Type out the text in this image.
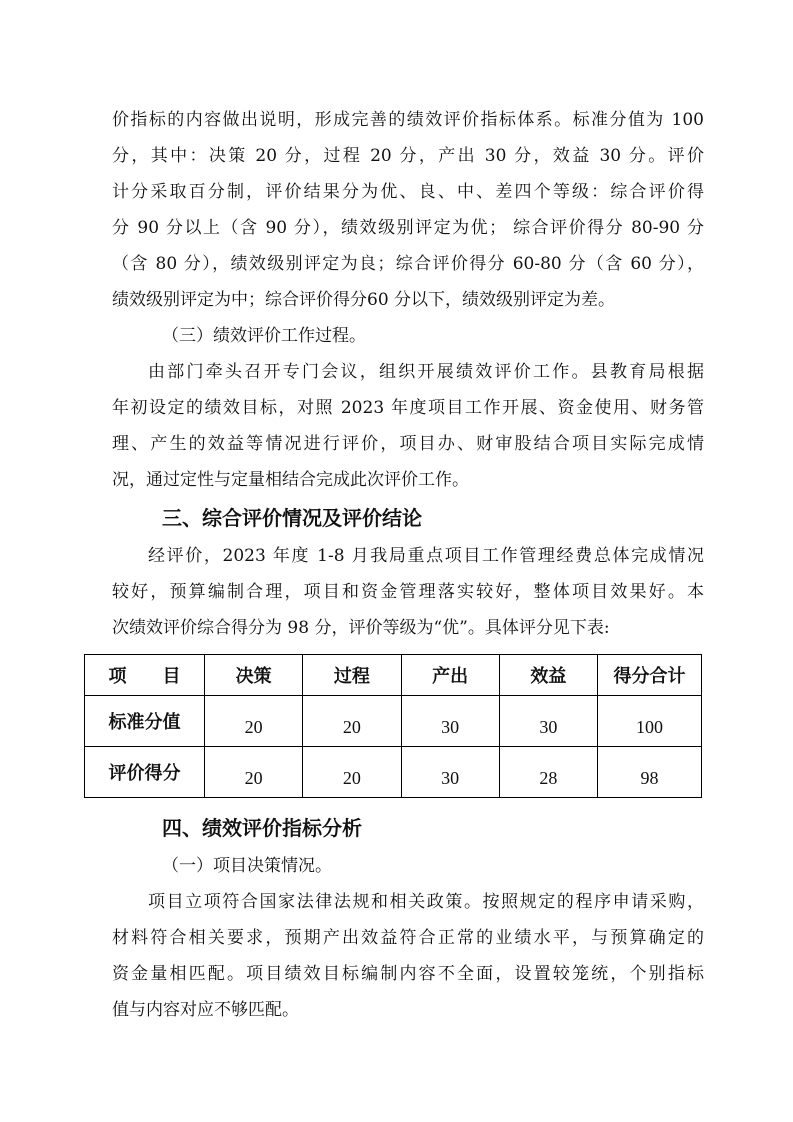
价指标的内容做出说明，形成完善的绩效评价指标体系。标准分值为 100

分，其中：决策 20 分，过程 20 分，产出 30 分，效益 30 分。评价

计分采取百分制，评价结果分为优、良、中、差四个等级：综合评价得

分 90 分以上（含 90 分），绩效级别评定为优； 综合评价得分 80-90 分

（含 80 分），绩效级别评定为良；综合评价得分 60-80 分（含 60 分），

绩效级别评定为中；综合评价得分60 分以下，绩效级别评定为差。

（三）绩效评价工作过程。

由部门牵头召开专门会议，组织开展绩效评价工作。县教育局根据

年初设定的绩效目标，对照 2023 年度项目工作开展、资金使用、财务管

理、产生的效益等情况进行评价，项目办、财审股结合项目实际完成情

况，通过定性与定量相结合完成此次评价工作。

三、综合评价情况及评价结论

经评价，2023 年度 1-8 月我局重点项目工作管理经费总体完成情况

较好，预算编制合理，项目和资金管理落实较好，整体项目效果好。本

次绩效评价综合得分为 98 分，评价等级为“优”。具体评分见下表:

项　　目	决策	过程	产出	效益	得分合计
标准分值	20	20	30	30	100
评价得分	20	20	30	28	98
四、绩效评价指标分析

（一）项目决策情况。

项目立项符合国家法律法规和相关政策。按照规定的程序申请采购，

材料符合相关要求，预期产出效益符合正常的业绩水平，与预算确定的

资金量相匹配。项目绩效目标编制内容不全面，设置较笼统，个别指标

值与内容对应不够匹配。
